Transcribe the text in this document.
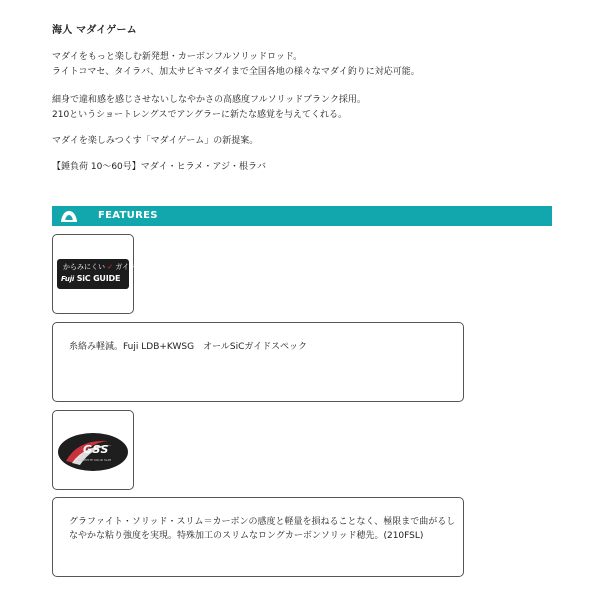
海人 マダイゲーム

マダイをもっと楽しむ新発想・カーボンフルソリッドロッド。

ライトコマセ、タイラバ、加太サビキマダイまで全国各地の様々なマダイ釣りに対応可能。

細身で違和感を感じさせないしなやかさの高感度フルソリッドブランク採用。

210というショートレングスでアングラーに新たな感覚を与えてくれる。

マダイを楽しみつくす「マダイゲーム」の新提案。

【錘負荷 10〜60号】マダイ・ヒラメ・アジ・根ラバ

FEATURES
からみにくい ✓ ガイド
Fuji SiC GUIDE

糸絡み軽減。Fuji LDB+KWSG　オールSiCガイドスペック

GSS
GRAPHITE SOLID SLIM

グラファイト・ソリッド・スリム＝カーボンの感度と軽量を損ねることなく、極限まで曲がるし

なやかな粘り強度を実現。特殊加工のスリムなロングカーボンソリッド穂先。(210FSL)
